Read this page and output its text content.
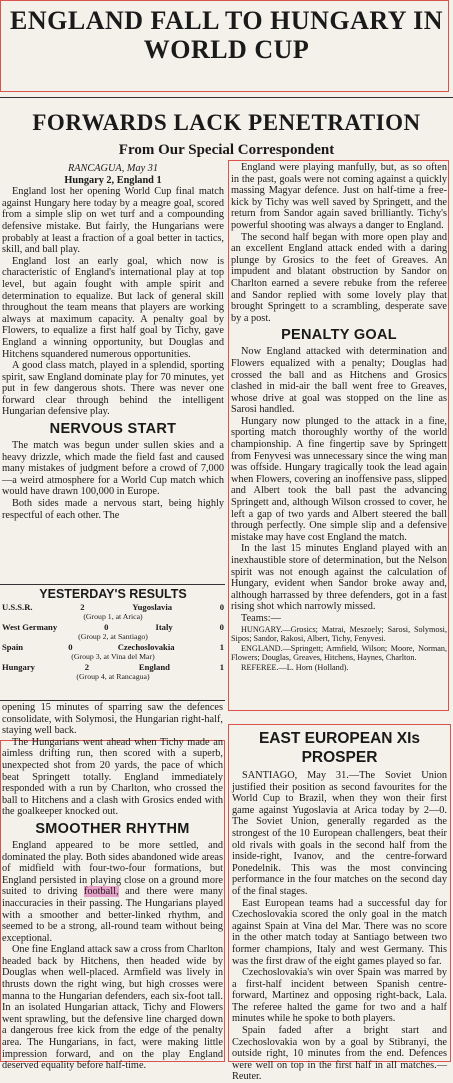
ENGLAND FALL TO HUNGARY IN WORLD CUP
FORWARDS LACK PENETRATION
From Our Special Correspondent

RANCAGUA, May 31

Hungary 2, England 1

England lost her opening World Cup final match against Hungary here today by a meagre goal, scored from a simple slip on wet turf and a compounding defensive mistake. But fairly, the Hungarians were probably at least a fraction of a goal better in tactics, skill, and ball play.

England lost an early goal, which now is characteristic of England's international play at top level, but again fought with ample spirit and determination to equalize. But lack of general skill throughout the team means that players are working always at maximum capacity. A penalty goal by Flowers, to equalize a first half goal by Tichy, gave England a winning opportunity, but Douglas and Hitchens squandered numerous opportunities.

A good class match, played in a splendid, sporting spirit, saw England dominate play for 70 minutes, yet put in few dangerous shots. There was never one forward clear through behind the intelligent Hungarian defensive play.

NERVOUS START

The match was begun under sullen skies and a heavy drizzle, which made the field fast and caused many mistakes of judgment before a crowd of 7,000—a weird atmosphere for a World Cup match which would have drawn 100,000 in Europe.

Both sides made a nervous start, being highly respectful of each other. The

YESTERDAY'S RESULTS
U.S.S.R.	2	Yugoslavia	0
(Group 1, at Arica)
West Germany	0	Italy	0
(Group 2, at Santiago)
Spain	0	Czechoslovakia	1
(Group 3, at Vina del Mar)
Hungary	2	England	1
(Group 4, at Rancagua)

opening 15 minutes of sparring saw the defences consolidate, with Solymosi, the Hungarian right-half, staying well back.

The Hungarians went ahead when Tichy made an aimless drifting run, then scored with a superb, unexpected shot from 20 yards, the pace of which beat Springett totally. England immediately responded with a run by Charlton, who crossed the ball to Hitchens and a clash with Grosics ended with the goalkeeper knocked out.

SMOOTHER RHYTHM

England appeared to be more settled, and dominated the play. Both sides abandoned wide areas of midfield with four-two-four formations, but England persisted in playing close on a ground more suited to driving football, and there were many inaccuracies in their passing. The Hungarians played with a smoother and better-linked rhythm, and seemed to be a strong, all-round team without being exceptional.

One fine England attack saw a cross from Charlton headed back by Hitchens, then headed wide by Douglas when well-placed. Armfield was lively in thrusts down the right wing, but high crosses were manna to the Hungarian defenders, each six-foot tall. In an isolated Hungarian attack, Tichy and Flowers went sprawling, but the defensive line charged down a dangerous free kick from the edge of the penalty area. The Hungarians, in fact, were making little impression forward, and on the play England deserved equality before half-time.

England were playing manfully, but, as so often in the past, goals were not coming against a quickly massing Magyar defence. Just on half-time a free-kick by Tichy was well saved by Springett, and the return from Sandor again saved brilliantly. Tichy's powerful shooting was always a danger to England.

The second half began with more open play and an excellent England attack ended with a daring plunge by Grosics to the feet of Greaves. An impudent and blatant obstruction by Sandor on Charlton earned a severe rebuke from the referee and Sandor replied with some lovely play that brought Springett to a scrambling, desperate save by a post.

PENALTY GOAL

Now England attacked with determination and Flowers equalized with a penalty; Douglas had crossed the ball and as Hitchens and Grosics clashed in mid-air the ball went free to Greaves, whose drive at goal was stopped on the line as Sarosi handled.

Hungary now plunged to the attack in a fine, sporting match thoroughly worthy of the world championship. A fine fingertip save by Springett from Fenyvesi was unnecessary since the wing man was offside. Hungary tragically took the lead again when Flowers, covering an inoffensive pass, slipped and Albert took the ball past the advancing Springett and, although Wilson crossed to cover, he left a gap of two yards and Albert steered the ball through perfectly. One simple slip and a defensive mistake may have cost England the match.

In the last 15 minutes England played with an inexhaustible store of determination, but the Nelson spirit was not enough against the calculation of Hungary, evident when Sandor broke away and, although harrassed by three defenders, got in a fast rising shot which narrowly missed.

Teams:—

HUNGARY.—Grosics; Matrai, Meszoely; Sarosi, Solymosi, Sipos; Sandor, Rakosi, Albert, Tichy, Fenyvesi.

ENGLAND.—Springett; Armfield, Wilson; Moore, Norman, Flowers; Douglas, Greaves, Hitchens, Haynes, Charlton.

REFEREE.—L. Horn (Holland).

EAST EUROPEAN XIs PROSPER

SANTIAGO, May 31.—The Soviet Union justified their position as second favourites for the World Cup to Brazil, when they won their first game against Yugoslavia at Arica today by 2—0. The Soviet Union, generally regarded as the strongest of the 10 European challengers, beat their old rivals with goals in the second half from the inside-right, Ivanov, and the centre-forward Ponedelnik. This was the most convincing performance in the four matches on the second day of the final stages.

East European teams had a successful day for Czechoslovakia scored the only goal in the match against Spain at Vina del Mar. There was no score in the other match today at Santiago between two former champions, Italy and west Germany. This was the first draw of the eight games played so far.

Czechoslovakia's win over Spain was marred by a first-half incident between Spanish centre-forward, Martinez and opposing right-back, Lala. The referee halted the game for two and a half minutes while he spoke to both players.

Spain faded after a bright start and Czechoslovakia won by a goal by Stibranyi, the outside right, 10 minutes from the end. Defences were well on top in the first half in all matches.—Reuter.
